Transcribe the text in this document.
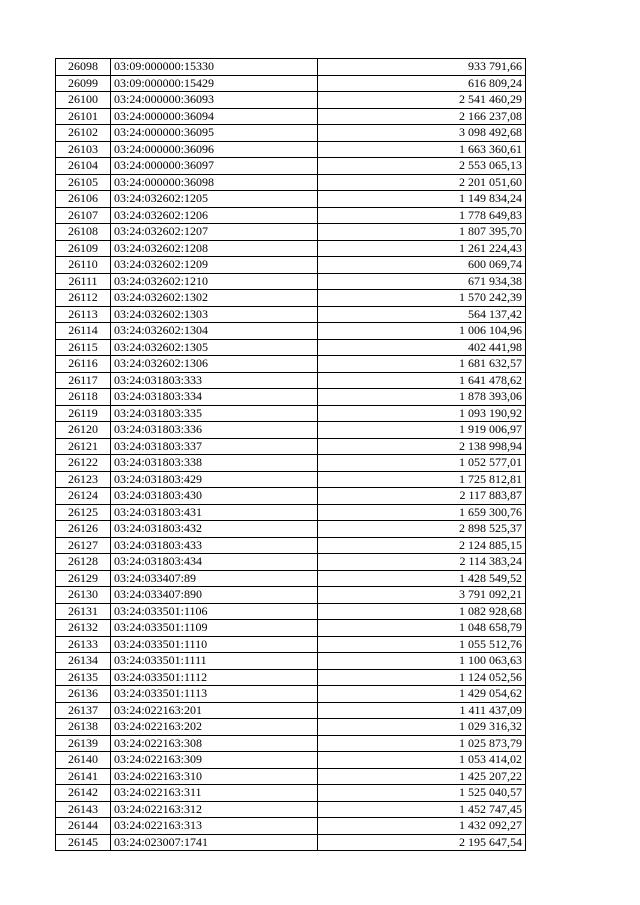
26098	03:09:000000:15330	933 791,66
26099	03:09:000000:15429	616 809,24
26100	03:24:000000:36093	2 541 460,29
26101	03:24:000000:36094	2 166 237,08
26102	03:24:000000:36095	3 098 492,68
26103	03:24:000000:36096	1 663 360,61
26104	03:24:000000:36097	2 553 065,13
26105	03:24:000000:36098	2 201 051,60
26106	03:24:032602:1205	1 149 834,24
26107	03:24:032602:1206	1 778 649,83
26108	03:24:032602:1207	1 807 395,70
26109	03:24:032602:1208	1 261 224,43
26110	03:24:032602:1209	600 069,74
26111	03:24:032602:1210	671 934,38
26112	03:24:032602:1302	1 570 242,39
26113	03:24:032602:1303	564 137,42
26114	03:24:032602:1304	1 006 104,96
26115	03:24:032602:1305	402 441,98
26116	03:24:032602:1306	1 681 632,57
26117	03:24:031803:333	1 641 478,62
26118	03:24:031803:334	1 878 393,06
26119	03:24:031803:335	1 093 190,92
26120	03:24:031803:336	1 919 006,97
26121	03:24:031803:337	2 138 998,94
26122	03:24:031803:338	1 052 577,01
26123	03:24:031803:429	1 725 812,81
26124	03:24:031803:430	2 117 883,87
26125	03:24:031803:431	1 659 300,76
26126	03:24:031803:432	2 898 525,37
26127	03:24:031803:433	2 124 885,15
26128	03:24:031803:434	2 114 383,24
26129	03:24:033407:89	1 428 549,52
26130	03:24:033407:890	3 791 092,21
26131	03:24:033501:1106	1 082 928,68
26132	03:24:033501:1109	1 048 658,79
26133	03:24:033501:1110	1 055 512,76
26134	03:24:033501:1111	1 100 063,63
26135	03:24:033501:1112	1 124 052,56
26136	03:24:033501:1113	1 429 054,62
26137	03:24:022163:201	1 411 437,09
26138	03:24:022163:202	1 029 316,32
26139	03:24:022163:308	1 025 873,79
26140	03:24:022163:309	1 053 414,02
26141	03:24:022163:310	1 425 207,22
26142	03:24:022163:311	1 525 040,57
26143	03:24:022163:312	1 452 747,45
26144	03:24:022163:313	1 432 092,27
26145	03:24:023007:1741	2 195 647,54
